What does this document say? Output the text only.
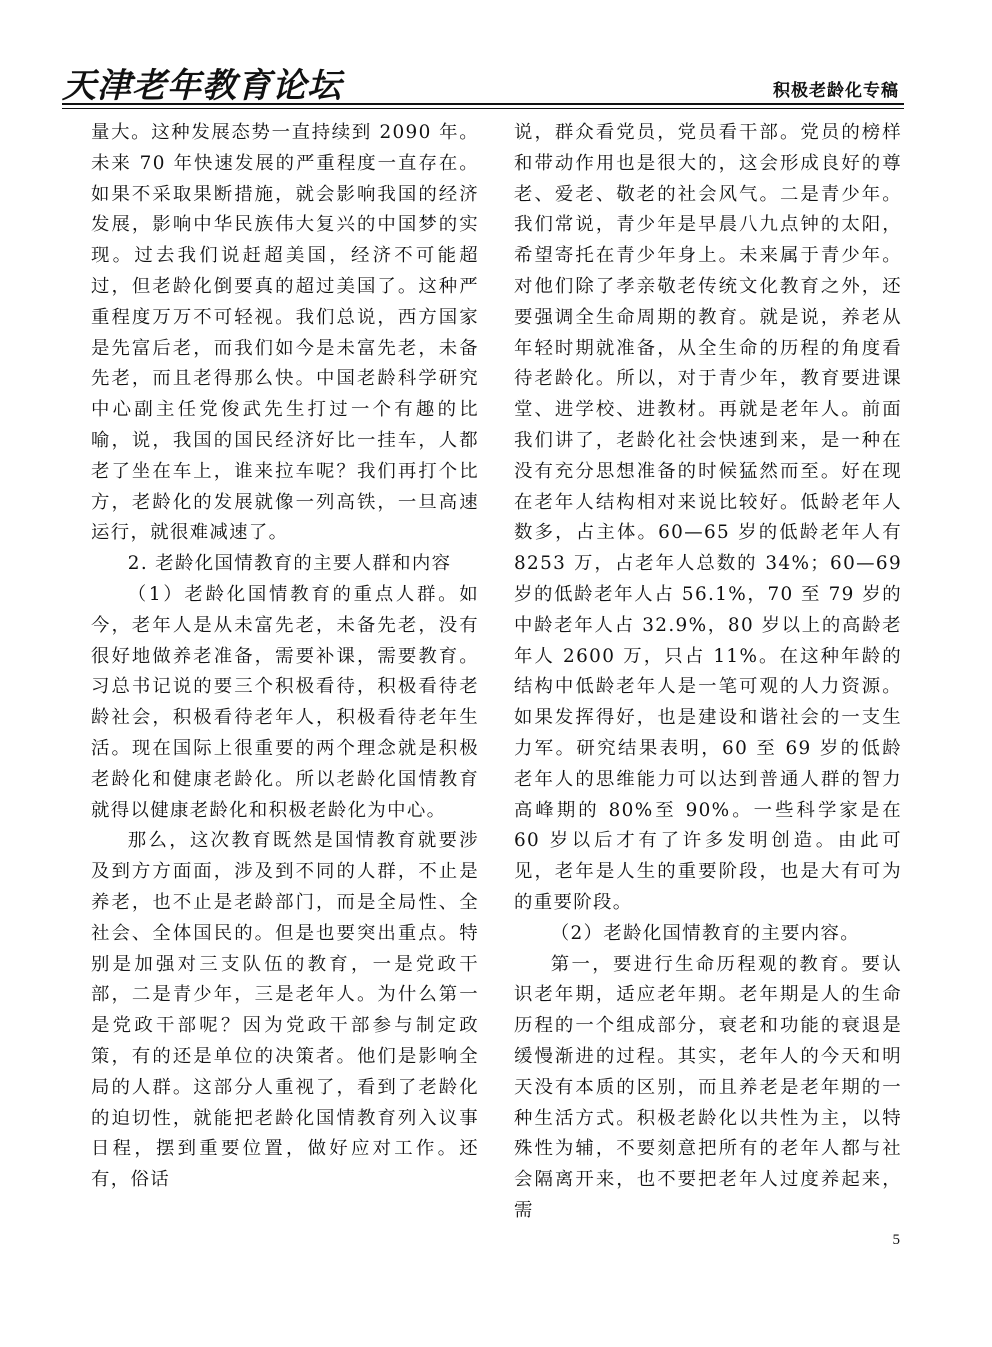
天津老年教育论坛	积极老龄化专稿

量大。这种发展态势一直持续到 2090 年。未来 70 年快速发展的严重程度一直存在。如果不采取果断措施，就会影响我国的经济发展，影响中华民族伟大复兴的中国梦的实现。过去我们说赶超美国，经济不可能超过，但老龄化倒要真的超过美国了。这种严重程度万万不可轻视。我们总说，西方国家是先富后老，而我们如今是未富先老，未备先老，而且老得那么快。中国老龄科学研究中心副主任党俊武先生打过一个有趣的比喻，说，我国的国民经济好比一挂车，人都老了坐在车上，谁来拉车呢？我们再打个比方，老龄化的发展就像一列高铁，一旦高速运行，就很难减速了。

2. 老龄化国情教育的主要人群和内容

（1）老龄化国情教育的重点人群。如今，老年人是从未富先老，未备先老，没有很好地做养老准备，需要补课，需要教育。习总书记说的要三个积极看待，积极看待老龄社会，积极看待老年人，积极看待老年生活。现在国际上很重要的两个理念就是积极老龄化和健康老龄化。所以老龄化国情教育就得以健康老龄化和积极老龄化为中心。

那么，这次教育既然是国情教育就要涉及到方方面面，涉及到不同的人群，不止是养老，也不止是老龄部门，而是全局性、全社会、全体国民的。但是也要突出重点。特别是加强对三支队伍的教育，一是党政干部，二是青少年，三是老年人。为什么第一是党政干部呢？因为党政干部参与制定政策，有的还是单位的决策者。他们是影响全局的人群。这部分人重视了，看到了老龄化的迫切性，就能把老龄化国情教育列入议事日程，摆到重要位置，做好应对工作。还有，俗话

说，群众看党员，党员看干部。党员的榜样和带动作用也是很大的，这会形成良好的尊老、爱老、敬老的社会风气。二是青少年。我们常说，青少年是早晨八九点钟的太阳，希望寄托在青少年身上。未来属于青少年。对他们除了孝亲敬老传统文化教育之外，还要强调全生命周期的教育。就是说，养老从年轻时期就准备，从全生命的历程的角度看待老龄化。所以，对于青少年，教育要进课堂、进学校、进教材。再就是老年人。前面我们讲了，老龄化社会快速到来，是一种在没有充分思想准备的时候猛然而至。好在现在老年人结构相对来说比较好。低龄老年人数多，占主体。60—65 岁的低龄老年人有 8253 万，占老年人总数的 34%；60—69 岁的低龄老年人占 56.1%，70 至 79 岁的中龄老年人占 32.9%，80 岁以上的高龄老年人 2600 万，只占 11%。在这种年龄的结构中低龄老年人是一笔可观的人力资源。如果发挥得好，也是建设和谐社会的一支生力军。研究结果表明，60 至 69 岁的低龄老年人的思维能力可以达到普通人群的智力高峰期的 80%至 90%。一些科学家是在 60 岁以后才有了许多发明创造。由此可见，老年是人生的重要阶段，也是大有可为的重要阶段。

（2）老龄化国情教育的主要内容。

第一，要进行生命历程观的教育。要认识老年期，适应老年期。老年期是人的生命历程的一个组成部分，衰老和功能的衰退是缓慢渐进的过程。其实，老年人的今天和明天没有本质的区别，而且养老是老年期的一种生活方式。积极老龄化以共性为主，以特殊性为辅，不要刻意把所有的老年人都与社会隔离开来，也不要把老年人过度养起来，需

5
